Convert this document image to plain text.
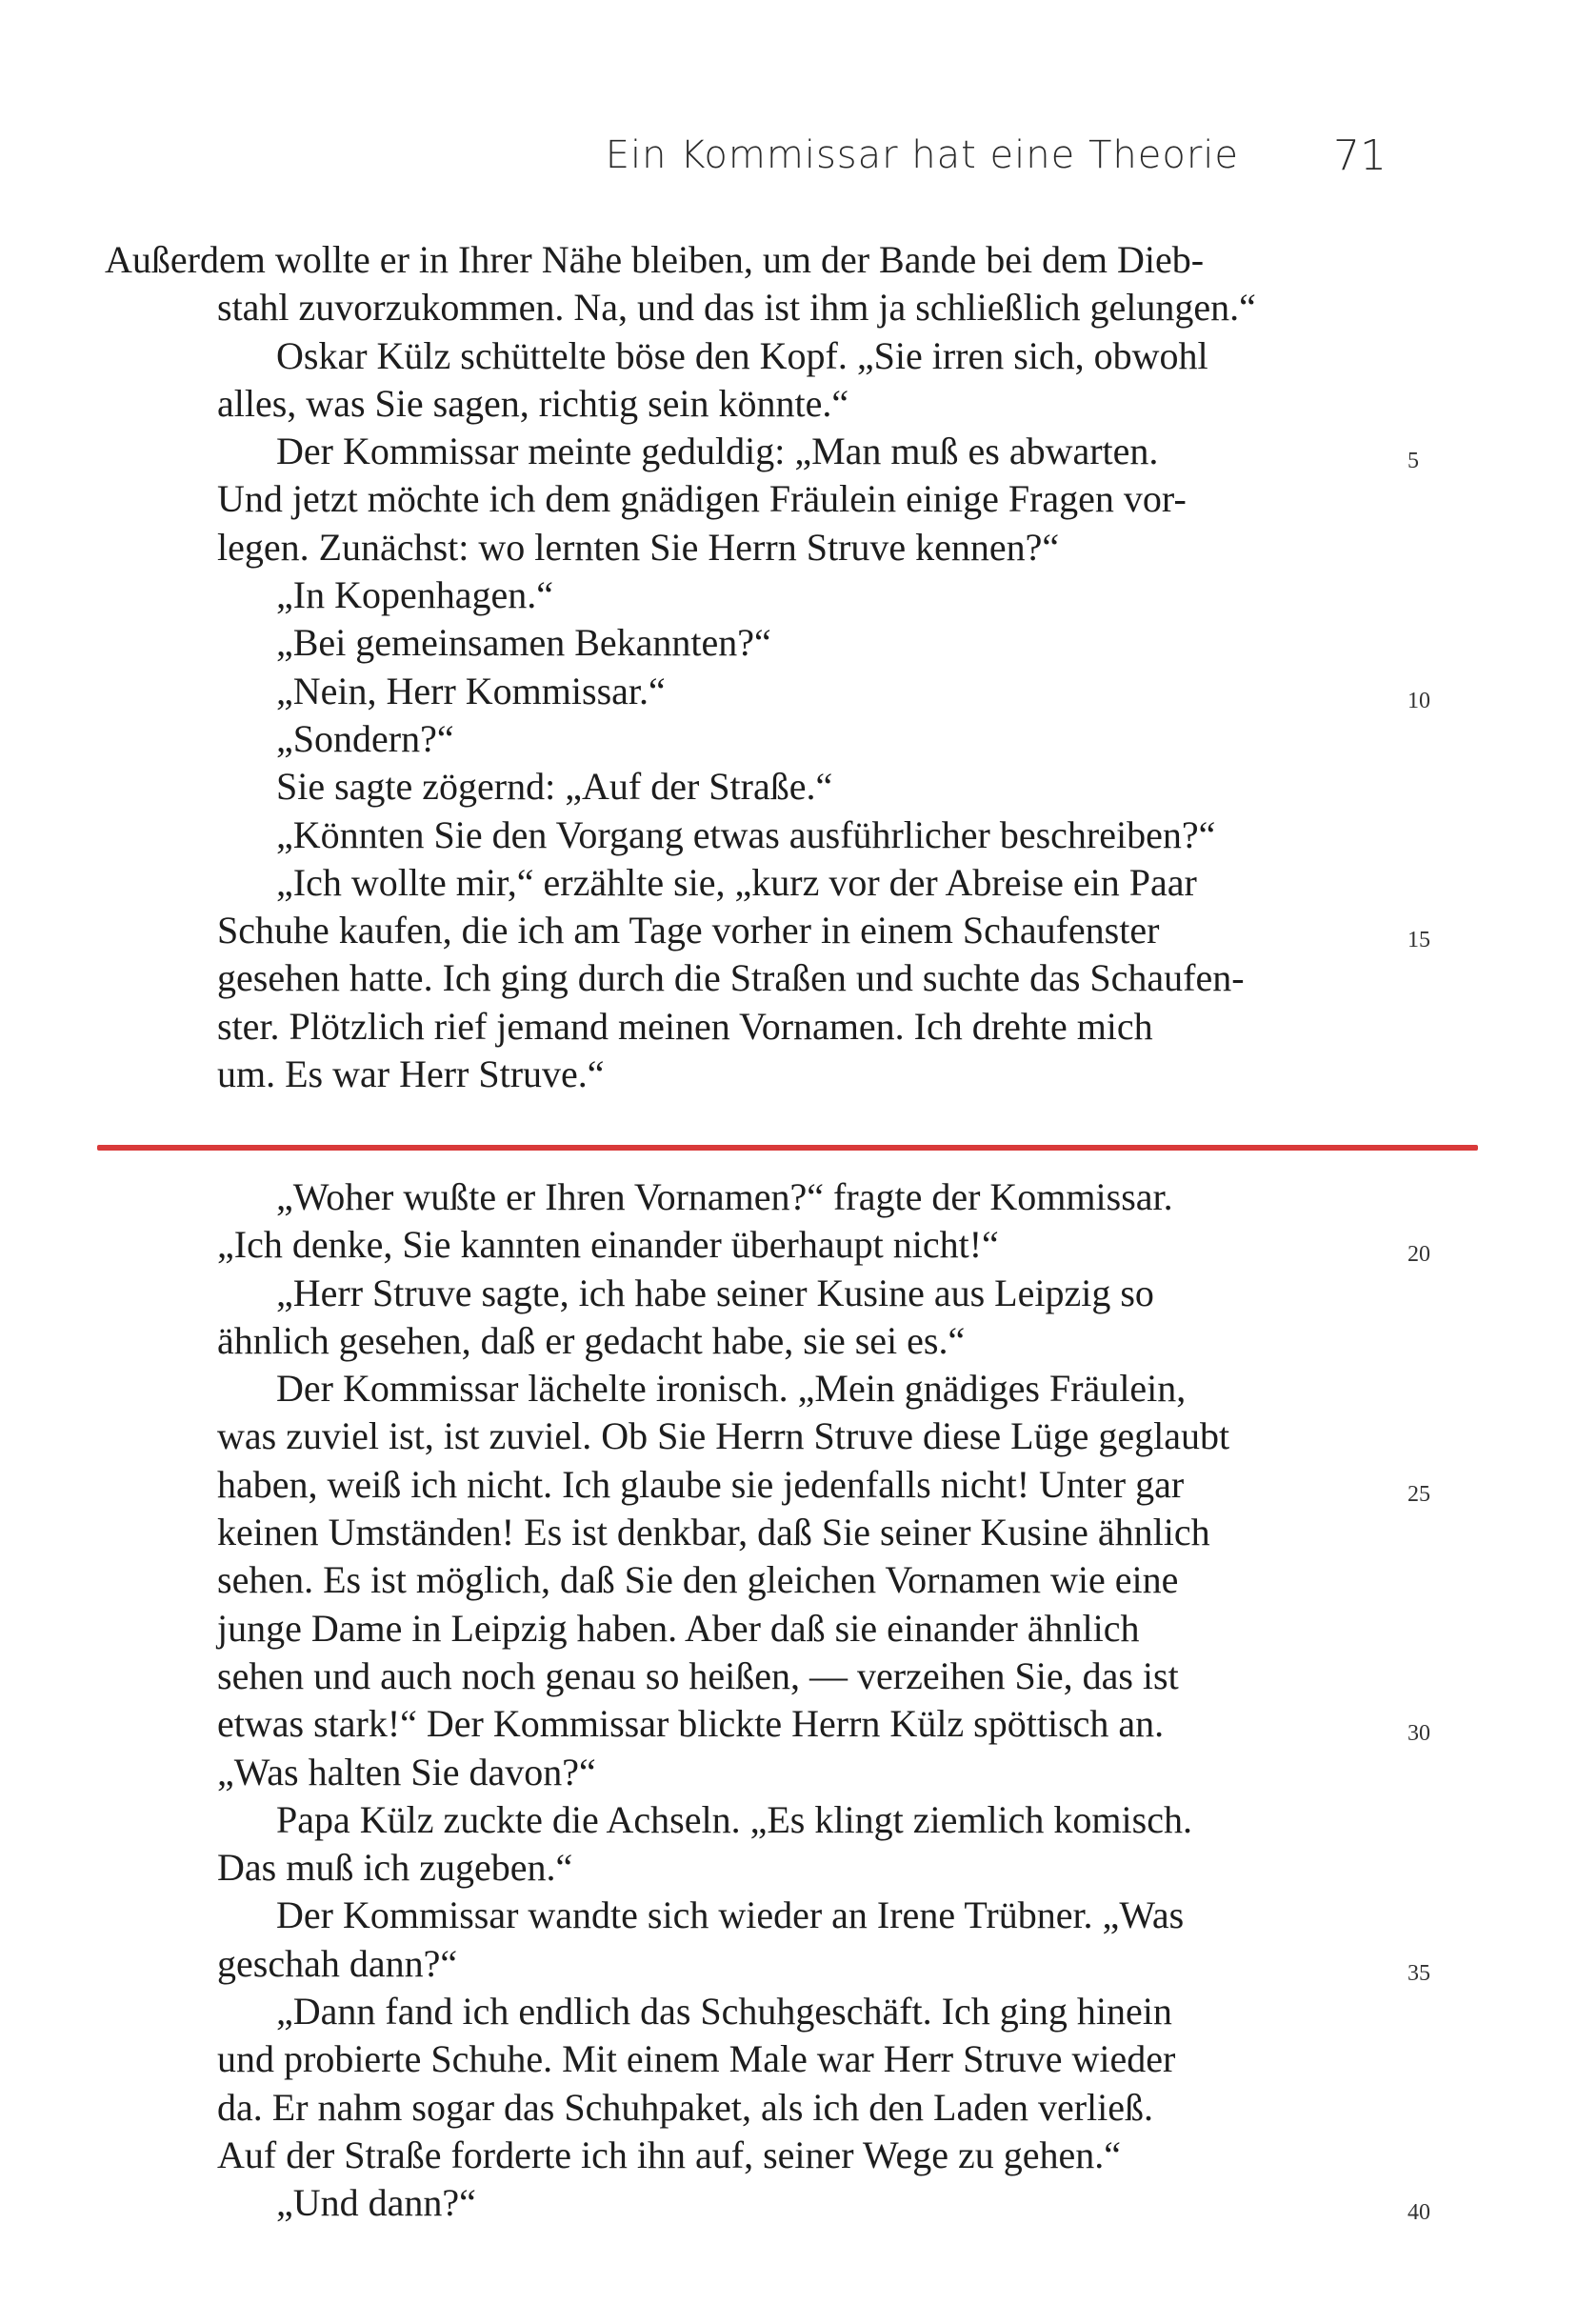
Ein Kommissar hat eine Theorie 71
Außerdem wollte er in Ihrer Nähe bleiben, um der Bande bei dem Dieb-
stahl zuvorzukommen. Na, und das ist ihm ja schließlich gelungen.“
Oskar Külz schüttelte böse den Kopf. „Sie irren sich, obwohl
alles, was Sie sagen, richtig sein könnte.“
Der Kommissar meinte geduldig: „Man muß es abwarten.	5
Und jetzt möchte ich dem gnädigen Fräulein einige Fragen vor-
legen. Zunächst: wo lernten Sie Herrn Struve kennen?“
„In Kopenhagen.“
„Bei gemeinsamen Bekannten?“
„Nein, Herr Kommissar.“	10
„Sondern?“
Sie sagte zögernd: „Auf der Straße.“
„Könnten Sie den Vorgang etwas ausführlicher beschreiben?“
„Ich wollte mir,“ erzählte sie, „kurz vor der Abreise ein Paar
Schuhe kaufen, die ich am Tage vorher in einem Schaufenster	15
gesehen hatte. Ich ging durch die Straßen und suchte das Schaufen-
ster. Plötzlich rief jemand meinen Vornamen. Ich drehte mich
um. Es war Herr Struve.“
„Woher wußte er Ihren Vornamen?“ fragte der Kommissar.
„Ich denke, Sie kannten einander überhaupt nicht!“	20
„Herr Struve sagte, ich habe seiner Kusine aus Leipzig so
ähnlich gesehen, daß er gedacht habe, sie sei es.“
Der Kommissar lächelte ironisch. „Mein gnädiges Fräulein,
was zuviel ist, ist zuviel. Ob Sie Herrn Struve diese Lüge geglaubt
haben, weiß ich nicht. Ich glaube sie jedenfalls nicht! Unter gar	25
keinen Umständen! Es ist denkbar, daß Sie seiner Kusine ähnlich
sehen. Es ist möglich, daß Sie den gleichen Vornamen wie eine
junge Dame in Leipzig haben. Aber daß sie einander ähnlich
sehen und auch noch genau so heißen, — verzeihen Sie, das ist
etwas stark!“ Der Kommissar blickte Herrn Külz spöttisch an.	30
„Was halten Sie davon?“
Papa Külz zuckte die Achseln. „Es klingt ziemlich komisch.
Das muß ich zugeben.“
Der Kommissar wandte sich wieder an Irene Trübner. „Was
geschah dann?“	35
„Dann fand ich endlich das Schuhgeschäft. Ich ging hinein
und probierte Schuhe. Mit einem Male war Herr Struve wieder
da. Er nahm sogar das Schuhpaket, als ich den Laden verließ.
Auf der Straße forderte ich ihn auf, seiner Wege zu gehen.“
„Und dann?“	40
